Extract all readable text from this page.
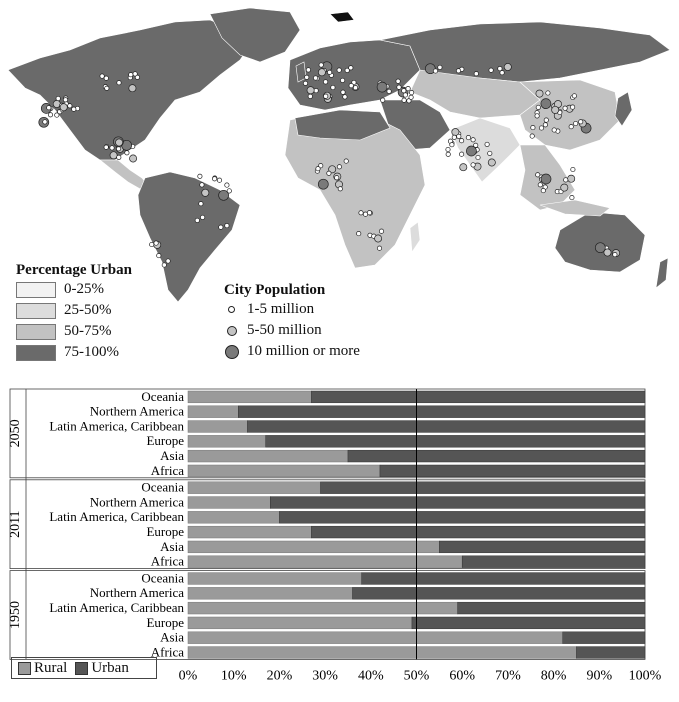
Percentage Urban

0-25%
25-50%
50-75%
75-100%

City Population

1-5 million
5-50 million
10 million or more
Oceania
Northern America
Latin America, Caribbean
Europe
Asia
Africa
2050
Oceania
Northern America
Latin America, Caribbean
Europe
Asia
Africa
2011
Oceania
Northern America
Latin America, Caribbean
Europe
Asia
Africa
1950
0% 10% 20% 30% 40% 50% 60% 70% 80% 90% 100%
Rural Urban
